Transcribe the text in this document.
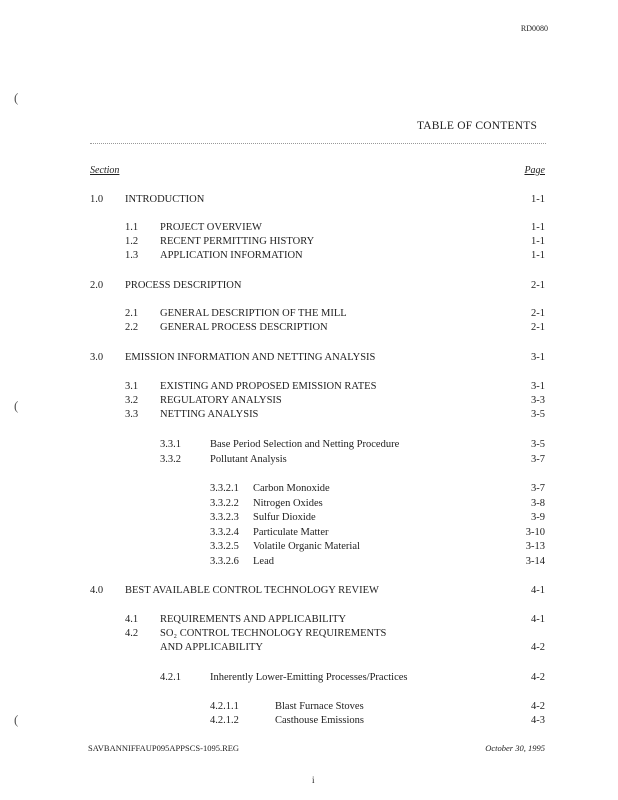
RD0080
(
(
(
TABLE OF CONTENTS
Section	Page
1.0 INTRODUCTION	1-1
1.1 PROJECT OVERVIEW	1-1
1.2 RECENT PERMITTING HISTORY	1-1
1.3 APPLICATION INFORMATION	1-1
2.0 PROCESS DESCRIPTION	2-1
2.1 GENERAL DESCRIPTION OF THE MILL	2-1
2.2 GENERAL PROCESS DESCRIPTION	2-1
3.0 EMISSION INFORMATION AND NETTING ANALYSIS	3-1
3.1 EXISTING AND PROPOSED EMISSION RATES	3-1
3.2 REGULATORY ANALYSIS	3-3
3.3 NETTING ANALYSIS	3-5
3.3.1	Base Period Selection and Netting Procedure	3-5
3.3.2	Pollutant Analysis	3-7
3.3.2.1 Carbon Monoxide	3-7
3.3.2.2 Nitrogen Oxides	3-8
3.3.2.3 Sulfur Dioxide	3-9
3.3.2.4 Particulate Matter	3-10
3.3.2.5 Volatile Organic Material	3-13
3.3.2.6 Lead	3-14
4.0 BEST AVAILABLE CONTROL TECHNOLOGY REVIEW	4-1
4.1 REQUIREMENTS AND APPLICABILITY	4-1
4.2 SO₂ CONTROL TECHNOLOGY REQUIREMENTS
AND APPLICABILITY	4-2
4.2.1	Inherently Lower-Emitting Processes/Practices	4-2
4.2.1.1	Blast Furnace Stoves	4-2
4.2.1.2	Casthouse Emissions	4-3
SAVBANNIFFAUP095APPSCS-1095.REG	October 30, 1995
i
